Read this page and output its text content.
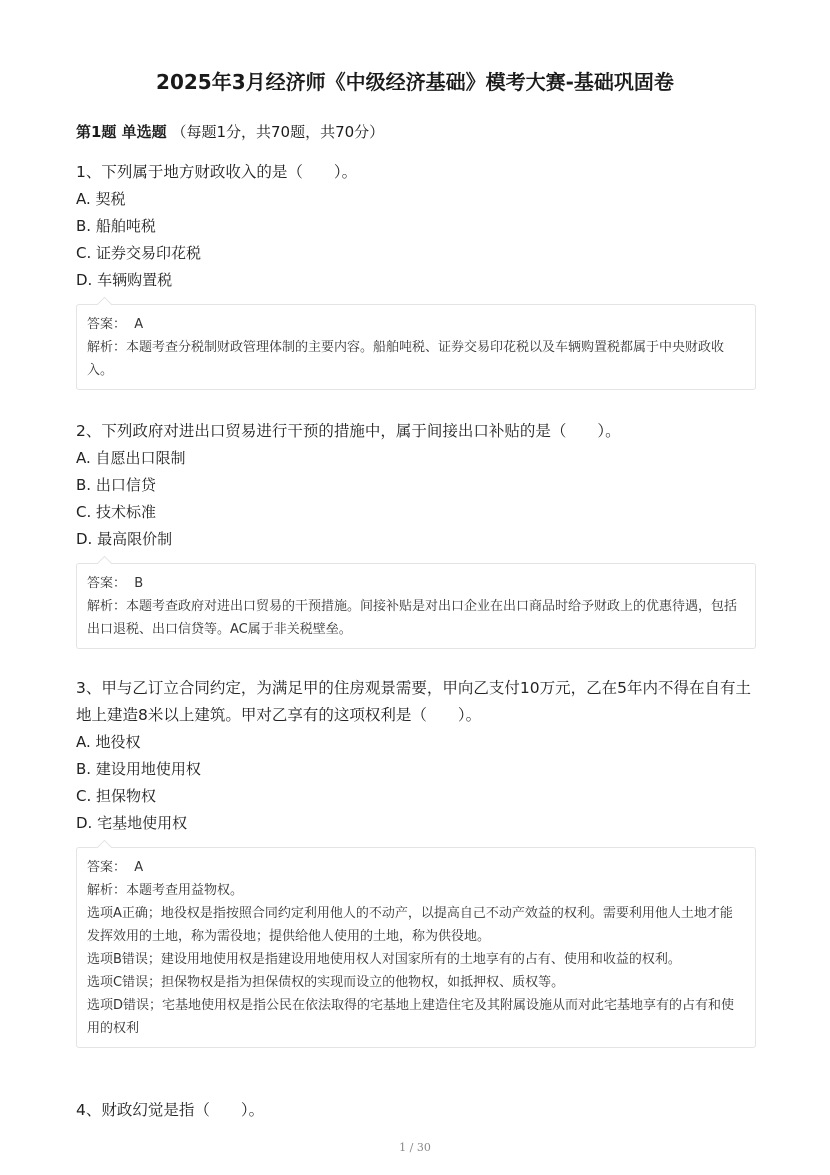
2025年3月经济师《中级经济基础》模考大赛-基础巩固卷
第1题 单选题 （每题1分，共70题，共70分）

1、下列属于地方财政收入的是（　　）。

A. 契税

B. 船舶吨税

C. 证券交易印花税

D. 车辆购置税

答案： A

解析：本题考查分税制财政管理体制的主要内容。船舶吨税、证券交易印花税以及车辆购置税都属于中央财政收入。

2、下列政府对进出口贸易进行干预的措施中，属于间接出口补贴的是（　　）。

A. 自愿出口限制

B. 出口信贷

C. 技术标准

D. 最高限价制

答案： B

解析：本题考查政府对进出口贸易的干预措施。间接补贴是对出口企业在出口商品时给予财政上的优惠待遇，包括出口退税、出口信贷等。AC属于非关税壁垒。

3、甲与乙订立合同约定，为满足甲的住房观景需要，甲向乙支付10万元，乙在5年内不得在自有土地上建造8米以上建筑。甲对乙享有的这项权利是（　　）。

A. 地役权

B. 建设用地使用权

C. 担保物权

D. 宅基地使用权

答案： A

解析：本题考查用益物权。

选项A正确；地役权是指按照合同约定利用他人的不动产，以提高自己不动产效益的权利。需要利用他人土地才能发挥效用的土地，称为需役地；提供给他人使用的土地，称为供役地。

选项B错误；建设用地使用权是指建设用地使用权人对国家所有的土地享有的占有、使用和收益的权利。

选项C错误；担保物权是指为担保债权的实现而设立的他物权，如抵押权、质权等。

选项D错误；宅基地使用权是指公民在依法取得的宅基地上建造住宅及其附属设施从而对此宅基地享有的占有和使用的权利

4、财政幻觉是指（　　）。

1 / 30
